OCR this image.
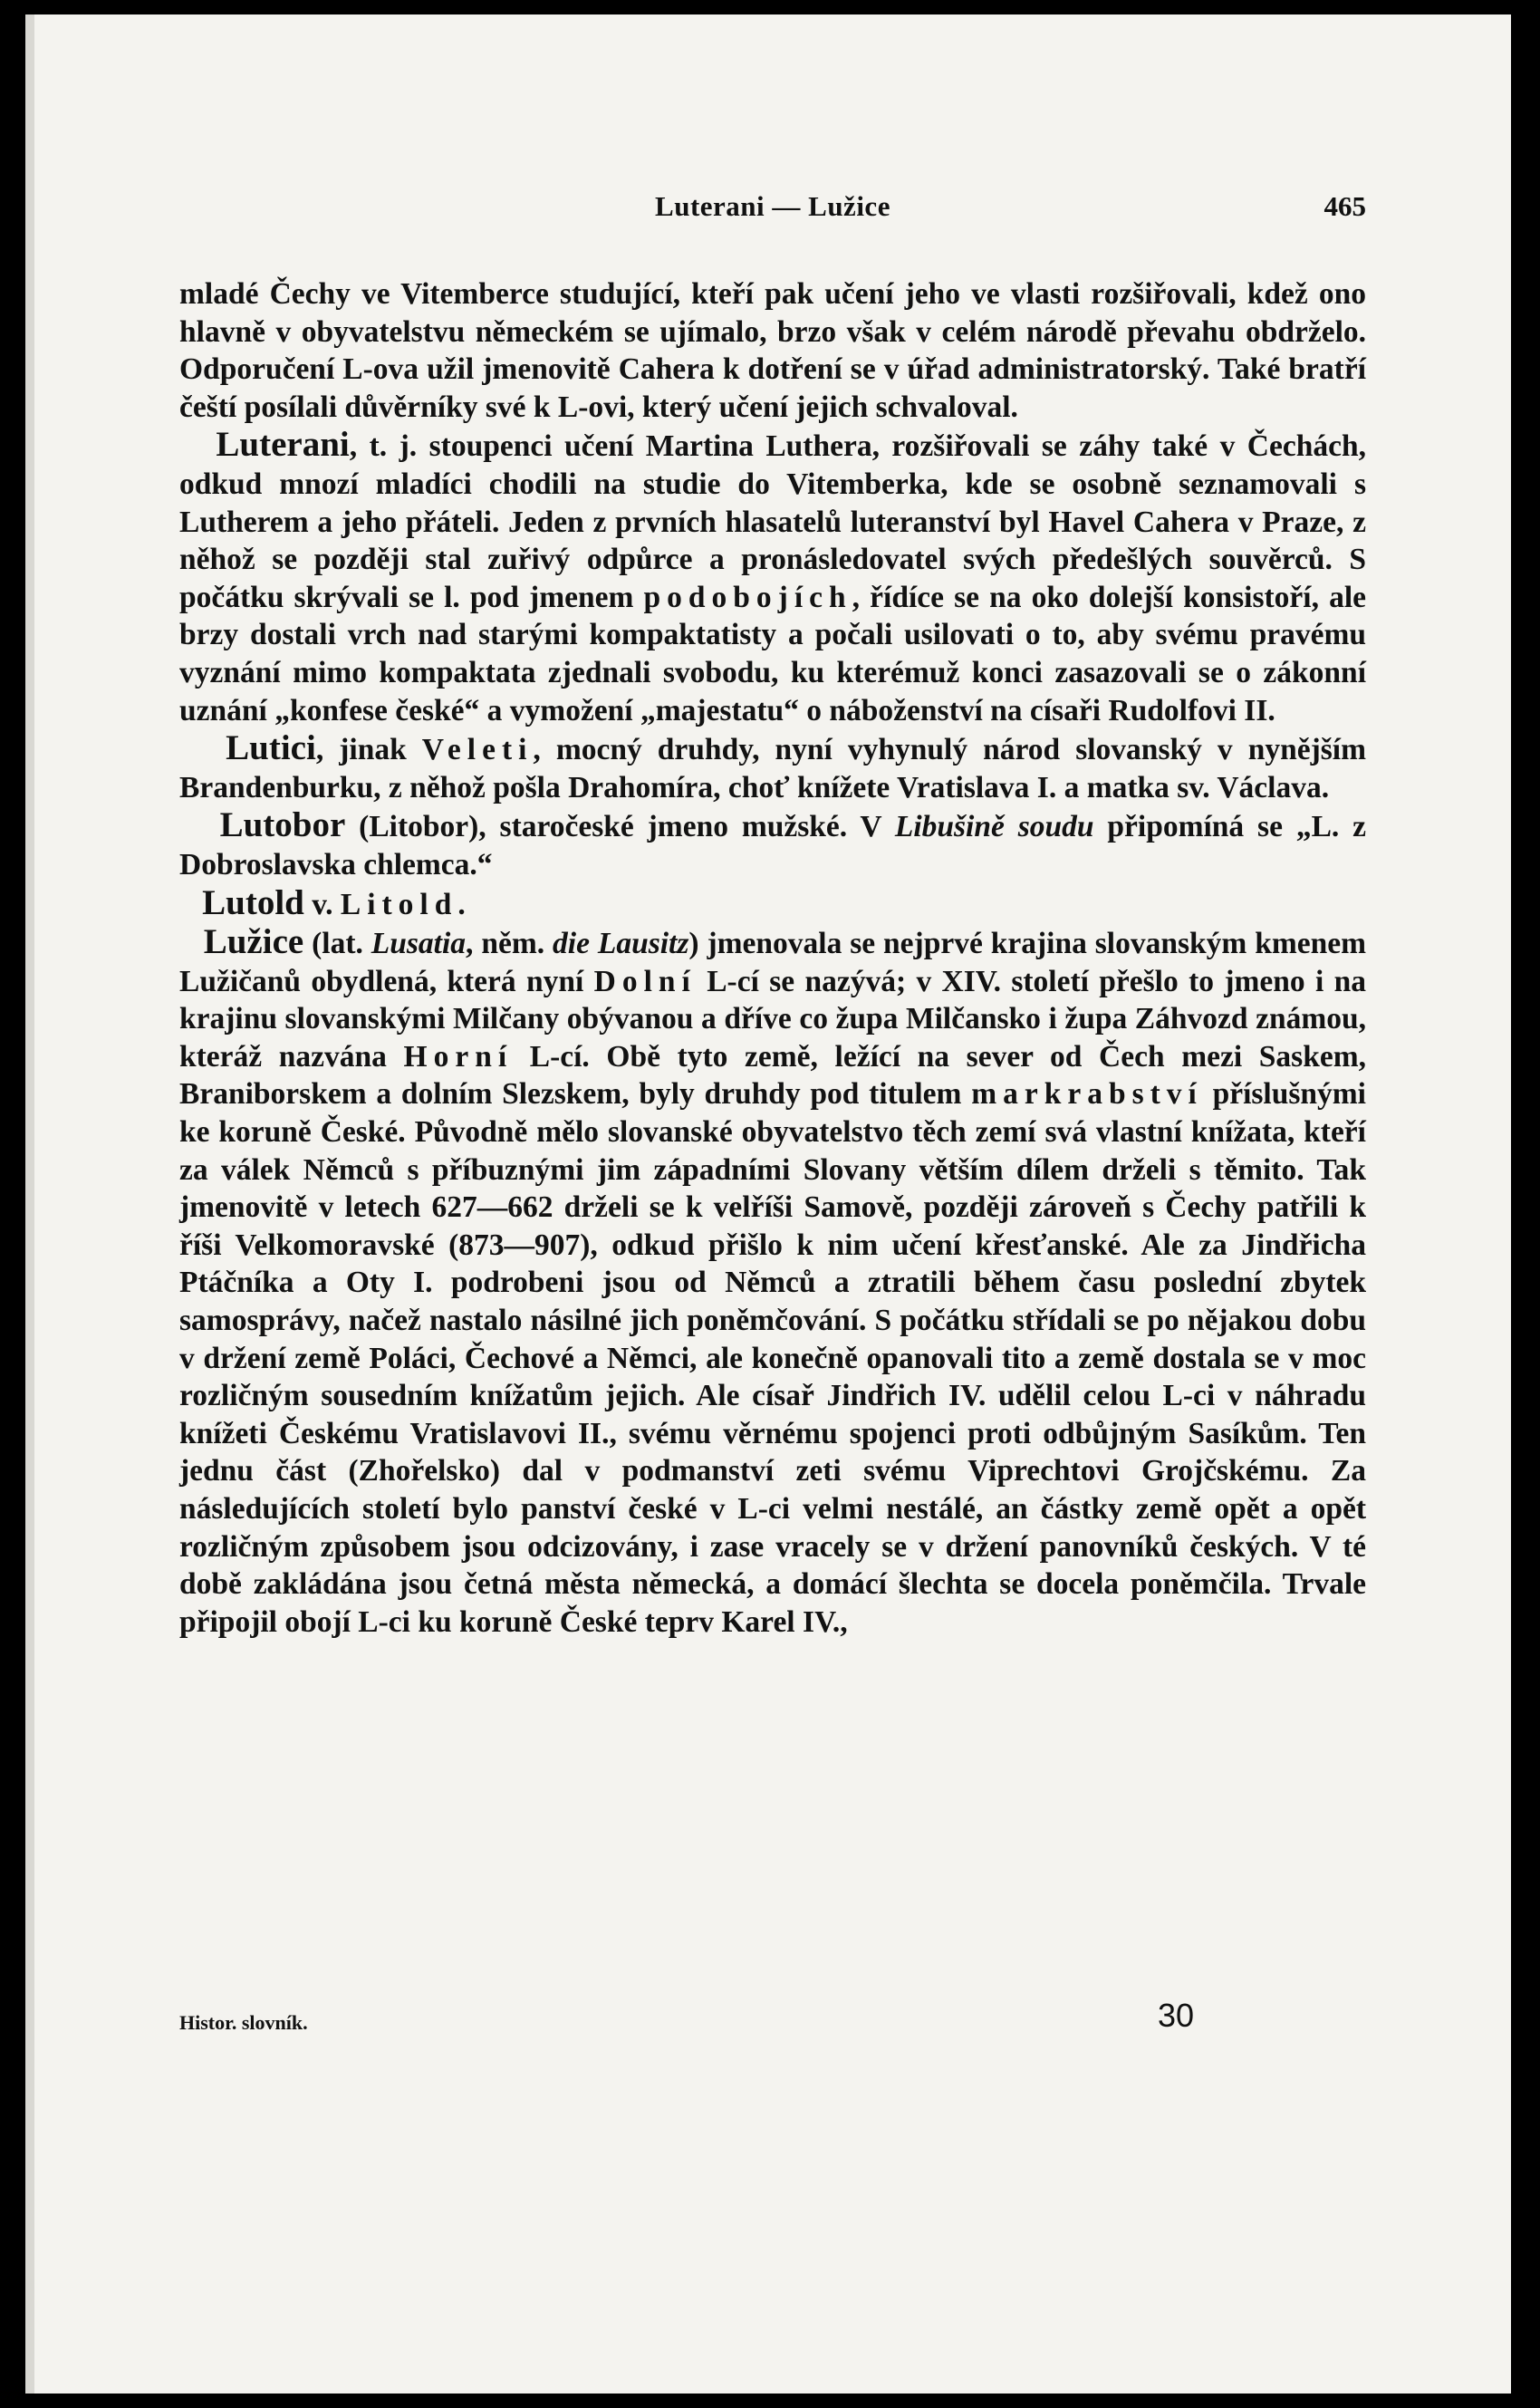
Luterani — Lužice	465

mladé Čechy ve Vitemberce studující, kteří pak učení jeho ve vlasti rozšiřovali, kdež ono hlavně v obyvatelstvu německém se ujímalo, brzo však v celém národě převahu obdrželo. Odporučení L-ova užil jmenovitě Cahera k dotření se v úřad administratorský. Také bratří čeští posílali důvěrníky své k L-ovi, který učení jejich schvaloval.

Luterani, t. j. stoupenci učení Martina Luthera, rozšiřovali se záhy také v Čechách, odkud mnozí mladíci chodili na studie do Vitemberka, kde se osobně seznamovali s Lutherem a jeho přáteli. Jeden z prvních hlasatelů luteranství byl Havel Cahera v Praze, z něhož se později stal zuřivý odpůrce a pronásledovatel svých předešlých souvěrců. S počátku skrývali se l. pod jmenem podobojích, řídíce se na oko dolejší konsistoří, ale brzy dostali vrch nad starými kompaktatisty a počali usilovati o to, aby svému pravému vyznání mimo kompaktata zjednali svobodu, ku kterémuž konci zasazovali se o zákonní uznání „konfese české“ a vymožení „majestatu“ o náboženství na císaři Rudolfovi II.

Lutici, jinak Veleti, mocný druhdy, nyní vyhynulý národ slovanský v nynějším Brandenburku, z něhož pošla Drahomíra, choť knížete Vratislava I. a matka sv. Václava.

Lutobor (Litobor), staročeské jmeno mužské. V Libušině soudu připomíná se „L. z Dobroslavska chlemca.“

Lutold v. Litold.

Lužice (lat. Lusatia, něm. die Lausitz) jmenovala se nejprvé krajina slovanským kmenem Lužičanů obydlená, která nyní Dolní L-cí se nazývá; v XIV. století přešlo to jmeno i na krajinu slovanskými Milčany obývanou a dříve co župa Milčansko i župa Záhvozd známou, kteráž nazvána Horní L-cí. Obě tyto země, ležící na sever od Čech mezi Saskem, Braniborskem a dolním Slezskem, byly druhdy pod titulem markrabství příslušnými ke koruně České. Původně mělo slovanské obyvatelstvo těch zemí svá vlastní knížata, kteří za válek Němců s příbuznými jim západními Slovany větším dílem drželi s těmito. Tak jmenovitě v letech 627—662 drželi se k velříši Samově, později zároveň s Čechy patřili k říši Velkomoravské (873—907), odkud přišlo k nim učení křesťanské. Ale za Jindřicha Ptáčníka a Oty I. podrobeni jsou od Němců a ztratili během času poslední zbytek samosprávy, načež nastalo násilné jich poněmčování. S počátku střídali se po nějakou dobu v držení země Poláci, Čechové a Němci, ale konečně opanovali tito a země dostala se v moc rozličným sousedním knížatům jejich. Ale císař Jindřich IV. udělil celou L-ci v náhradu knížeti Českému Vratislavovi II., svému věrnému spojenci proti odbůjným Sasíkům. Ten jednu část (Zhořelsko) dal v podmanství zeti svému Viprechtovi Grojčskému. Za následujících století bylo panství české v L-ci velmi nestálé, an částky země opět a opět rozličným způsobem jsou odcizovány, i zase vracely se v držení panovníků českých. V té době zakládána jsou četná města německá, a domácí šlechta se docela poněmčila. Trvale připojil obojí L-ci ku koruně České teprv Karel IV.,

Histor. slovník.	30
